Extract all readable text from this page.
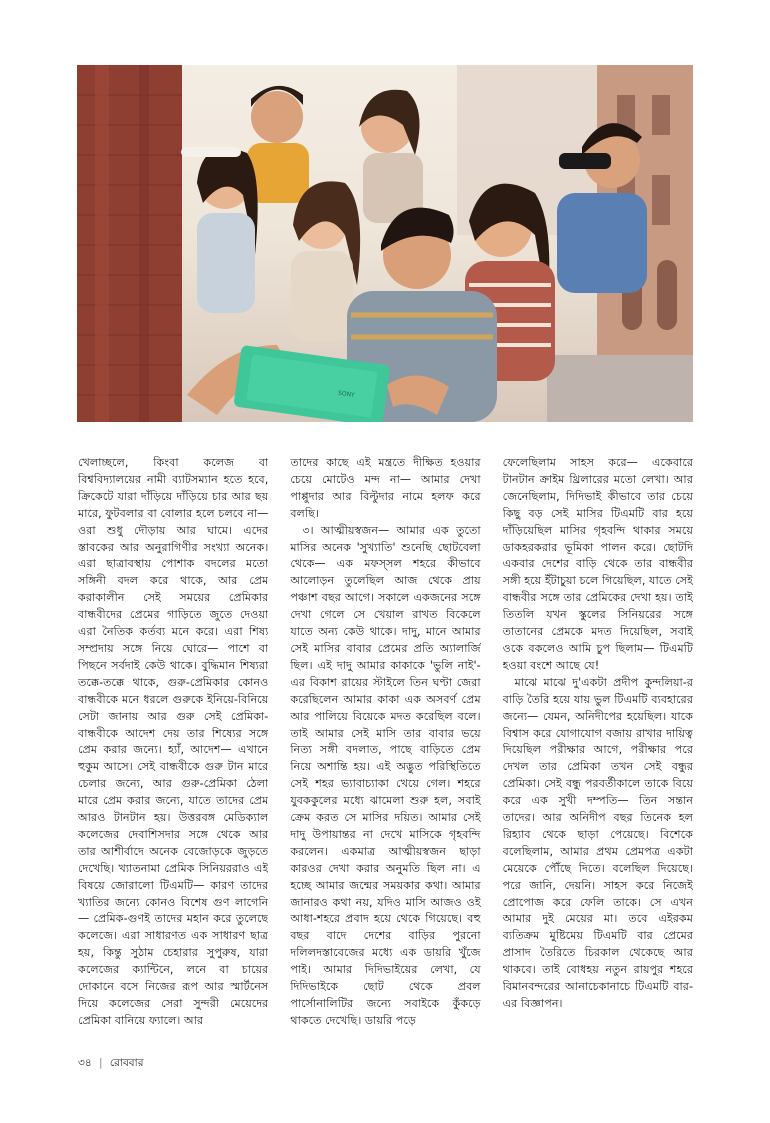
SONY

খেলাচ্ছলে, কিংবা কলেজ বা বিশ্ববিদ্যালয়ের নামী ব্যাটসম্যান হতে হবে, ক্রিকেটে যারা দাঁড়িয়ে দাঁড়িয়ে চার আর ছয় মারে, ফুটবলার বা বোলার হলে চলবে না— ওরা শুধু দৌড়ায় আর ঘামে। এদের স্তাবকের আর অনুরাগিণীর সংখ্যা অনেক। এরা ছাত্রাবস্থায় পোশাক বদলের মতো সঙ্গিনী বদল করে থাকে, আর প্রেম করাকালীন সেই সময়ের প্রেমিকার বান্ধবীদের প্রেমের গাড়িতে জুতে দেওয়া এরা নৈতিক কর্তব্য মনে করে। এরা শিষ্য সম্প্রদায় সঙ্গে নিয়ে ঘোরে— পাশে বা পিছনে সর্বদাই কেউ থাকে। বুদ্ধিমান শিষ্যরা তক্কে-তক্কে থাকে, গুরু-প্রেমিকার কোনও বান্ধবীকে মনে ধরলে গুরুকে ইনিয়ে-বিনিয়ে সেটা জানায় আর গুরু সেই প্রেমিকা-বান্ধবীকে আদেশ দেয় তার শিষ্যের সঙ্গে প্রেম করার জন্যে। হ্যাঁ, আদেশ— এখানে হুকুম আসে। সেই বান্ধবীকে গুরু টান মারে চেলার জন্যে, আর গুরু-প্রেমিকা ঠেলা মারে প্রেম করার জন্যে, যাতে তাদের প্রেম আরও টানটান হয়। উত্তরবঙ্গ মেডিক্যাল কলেজের দেবাশিসদার সঙ্গে থেকে আর তার আশীর্বাদে অনেক বেজোড়কে জুড়তে দেখেছি। খ্যাতনামা প্রেমিক সিনিয়ররাও এই বিষয়ে জোরালো টিএমটি— কারণ তাদের খ্যাতির জন্যে কোনও বিশেষ গুণ লাগেনি— প্রেমিক-গুণই তাদের মহান করে তুলেছে কলেজে। এরা সাধারণত এক সাধারণ ছাত্র হয়, কিন্তু সুঠাম চেহারার সুপুরুষ, যারা কলেজের ক্যান্টিনে, লনে বা চায়ের দোকানে বসে নিজের রূপ আর স্মার্টনেস দিয়ে কলেজের সেরা সুন্দরী মেয়েদের প্রেমিকা বানিয়ে ফ্যালে। আর

তাদের কাছে এই মন্ত্রতে দীক্ষিত হওয়ার চেয়ে মোটেও মন্দ না— আমার দেখা পাপ্পুদার আর বিল্টুদার নামে হলফ করে বলছি।

৩। আত্মীয়স্বজন— আমার এক তুতো মাসির অনেক 'সুখ্যাতি' শুনেছি ছোটবেলা থেকে— এক মফস্সল শহরে কীভাবে আলোড়ন তুলেছিল আজ থেকে প্রায় পঞ্চাশ বছর আগে। সকালে একজনের সঙ্গে দেখা গেলে সে খেয়াল রাখত বিকেলে যাতে অন্য কেউ থাকে। দাদু, মানে আমার সেই মাসির বাবার প্রেমের প্রতি অ্যালার্জি ছিল। এই দাদু আমার কাকাকে 'ভুলি নাই'-এর বিকাশ রায়ের স্টাইলে তিন ঘণ্টা জেরা করেছিলেন আমার কাকা এক অসবর্ণ প্রেম আর পালিয়ে বিয়েকে মদত করেছিল বলে। তাই আমার সেই মাসি তার বাবার ভয়ে নিত্য সঙ্গী বদলাত, পাছে বাড়িতে প্রেম নিয়ে অশান্তি হয়। এই অদ্ভুত পরিস্থিতিতে সেই শহর ভ্যাবাচ্যাকা খেয়ে গেল। শহরে যুবককুলের মধ্যে ঝামেলা শুরু হল, সবাই ক্রেম করত সে মাসির দয়িত। আমার সেই দাদু উপায়ান্তর না দেখে মাসিকে গৃহবন্দি করলেন। একমাত্র আত্মীয়স্বজন ছাড়া কারওর দেখা করার অনুমতি ছিল না। এ হচ্ছে আমার জন্মের সময়কার কথা। আমার জানারও কথা নয়, যদিও মাসি আজও ওই আধা-শহরে প্রবাদ হয়ে থেকে গিয়েছে। বহু বছর বাদে দেশের বাড়ির পুরনো দলিলদস্তাবেজের মধ্যে এক ডায়রি খুঁজে পাই। আমার দিদিভাইয়ের লেখা, যে দিদিভাইকে ছোট থেকে প্রবল পার্সোনালিটির জন্যে সবাইকে কুঁকড়ে থাকতে দেখেছি। ডায়রি পড়ে

ফেলেছিলাম সাহস করে— একেবারে টানটান ক্রাইম থ্রিলারের মতো লেখা। আর জেনেছিলাম, দিদিভাই কীভাবে তার চেয়ে কিছু বড় সেই মাসির টিএমটি বার হয়ে দাঁড়িয়েছিল মাসির গৃহবন্দি থাকার সময়ে ডাকহরকরার ভূমিকা পালন করে। ছোটদি একবার দেশের বাড়ি থেকে তার বান্ধবীর সঙ্গী হয়ে ইঁটাচুয়া চলে গিয়েছিল, যাতে সেই বান্ধবীর সঙ্গে তার প্রেমিকের দেখা হয়। তাই তিতলি যখন স্কুলের সিনিয়রের সঙ্গে তাতানের প্রেমকে মদত দিয়েছিল, সবাই ওকে বকলেও আমি চুপ ছিলাম— টিএমটি হওয়া বংশে আছে যে!

মাঝে মাঝে দু'একটা প্রদীপ কুন্দলিয়া-র বাড়ি তৈরি হয়ে যায় ভুল টিএমটি ব্যবহারের জন্যে— যেমন, অনিদীপের হয়েছিল। যাকে বিশ্বাস করে যোগাযোগ বজায় রাখার দায়িত্ব দিয়েছিল পরীক্ষার আগে, পরীক্ষার পরে দেখল তার প্রেমিকা তখন সেই বন্ধুর প্রেমিকা। সেই বন্ধু পরবর্তীকালে তাকে বিয়ে করে এক সুখী দম্পতি— তিন সন্তান তাদের। আর অনিদীপ বছর তিনেক হল রিহ্যাব থেকে ছাড়া পেয়েছে। বিশেকে বলেছিলাম, আমার প্রথম প্রেমপত্র একটা মেয়েকে পৌঁছে দিতে। বলেছিল দিয়েছে। পরে জানি, দেয়নি। সাহস করে নিজেই প্রোপোজ করে ফেলি তাকে। সে এখন আমার দুই মেয়ের মা। তবে এইরকম ব্যতিক্রম মুষ্টিমেয় টিএমটি বার প্রেমের প্রাসাদ তৈরিতে চিরকাল থেকেছে আর থাকবে। তাই বোধহয় নতুন রায়পুর শহরে বিমানবন্দরের আনাচেকানাচে টিএমটি বার-এর বিজ্ঞাপন।

৩৪ | রোববার
